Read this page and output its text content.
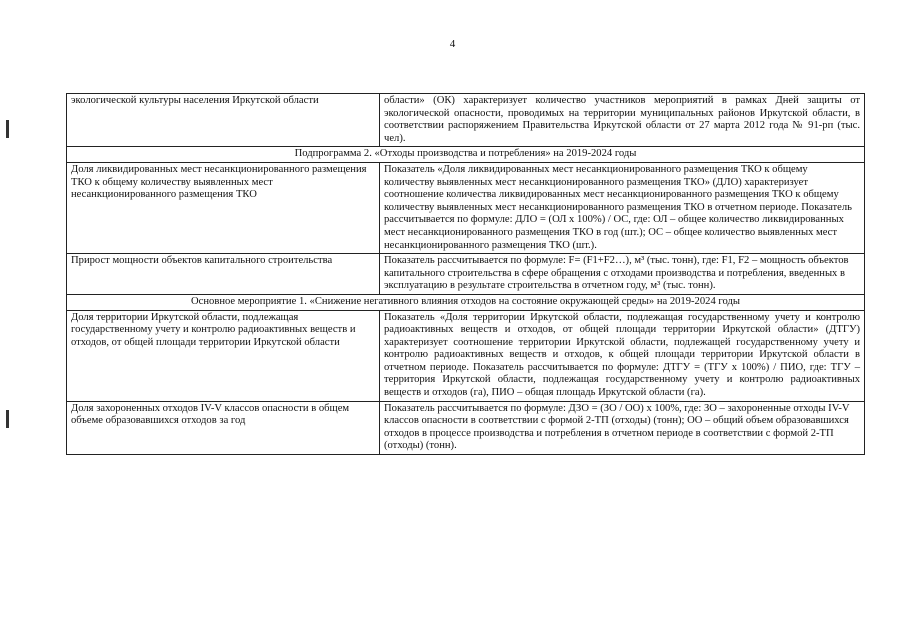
4
экологической культуры населения Иркутской области	области» (ОК) характеризует количество участников мероприятий в рамках Дней защиты от экологической опасности, проводимых на территории муниципальных районов Иркутской области, в соответствии распоряжением Правительства Иркутской области от 27 марта 2012 года № 91-рп (тыс. чел).
Подпрограмма 2. «Отходы производства и потребления» на 2019-2024 годы	
Доля ликвидированных мест несанкционированного размещения ТКО к общему количеству выявленных мест несанкционированного размещения ТКО	Показатель «Доля ликвидированных мест несанкционированного размещения ТКО к общему количеству выявленных мест несанкционированного размещения ТКО» (ДЛО) характеризует соотношение количества ликвидированных мест несанкционированного размещения ТКО к общему количеству выявленных мест несанкционированного размещения ТКО в отчетном периоде. Показатель рассчитывается по формуле: ДЛО = (ОЛ х 100%) / ОС, где: ОЛ – общее количество ликвидированных мест несанкционированного размещения ТКО в год (шт.); ОС – общее количество выявленных мест несанкционированного размещения ТКО (шт.).
Прирост мощности объектов капитального строительства	Показатель рассчитывается по формуле: F= (F1+F2…), м³ (тыс. тонн), где: F1, F2 – мощность объектов капитального строительства в сфере обращения с отходами производства и потребления, введенных в эксплуатацию в результате строительства в отчетном году, м³ (тыс. тонн).
Основное мероприятие 1. «Снижение негативного влияния отходов на состояние окружающей среды» на 2019-2024 годы	
Доля территории Иркутской области, подлежащая государственному учету и контролю радиоактивных веществ и отходов, от общей площади территории Иркутской области	Показатель «Доля территории Иркутской области, подлежащая государственному учету и контролю радиоактивных веществ и отходов, от общей площади территории Иркутской области» (ДТГУ) характеризует соотношение территории Иркутской области, подлежащей государственному учету и контролю радиоактивных веществ и отходов, к общей площади территории Иркутской области в отчетном периоде. Показатель рассчитывается по формуле: ДТГУ = (ТГУ х 100%) / ПИО, где: ТГУ – территория Иркутской области, подлежащая государственному учету и контролю радиоактивных веществ и отходов (га), ПИО – общая площадь Иркутской области (га).
Доля захороненных отходов IV-V классов опасности в общем объеме образовавшихся отходов за год	Показатель рассчитывается по формуле: ДЗО = (ЗО / ОО) х 100%, где: ЗО – захороненные отходы IV-V классов опасности в соответствии с формой 2-ТП (отходы) (тонн); ОО – общий объем образовавшихся отходов в процессе производства и потребления в отчетном периоде в соответствии с формой 2-ТП (отходы) (тонн).
